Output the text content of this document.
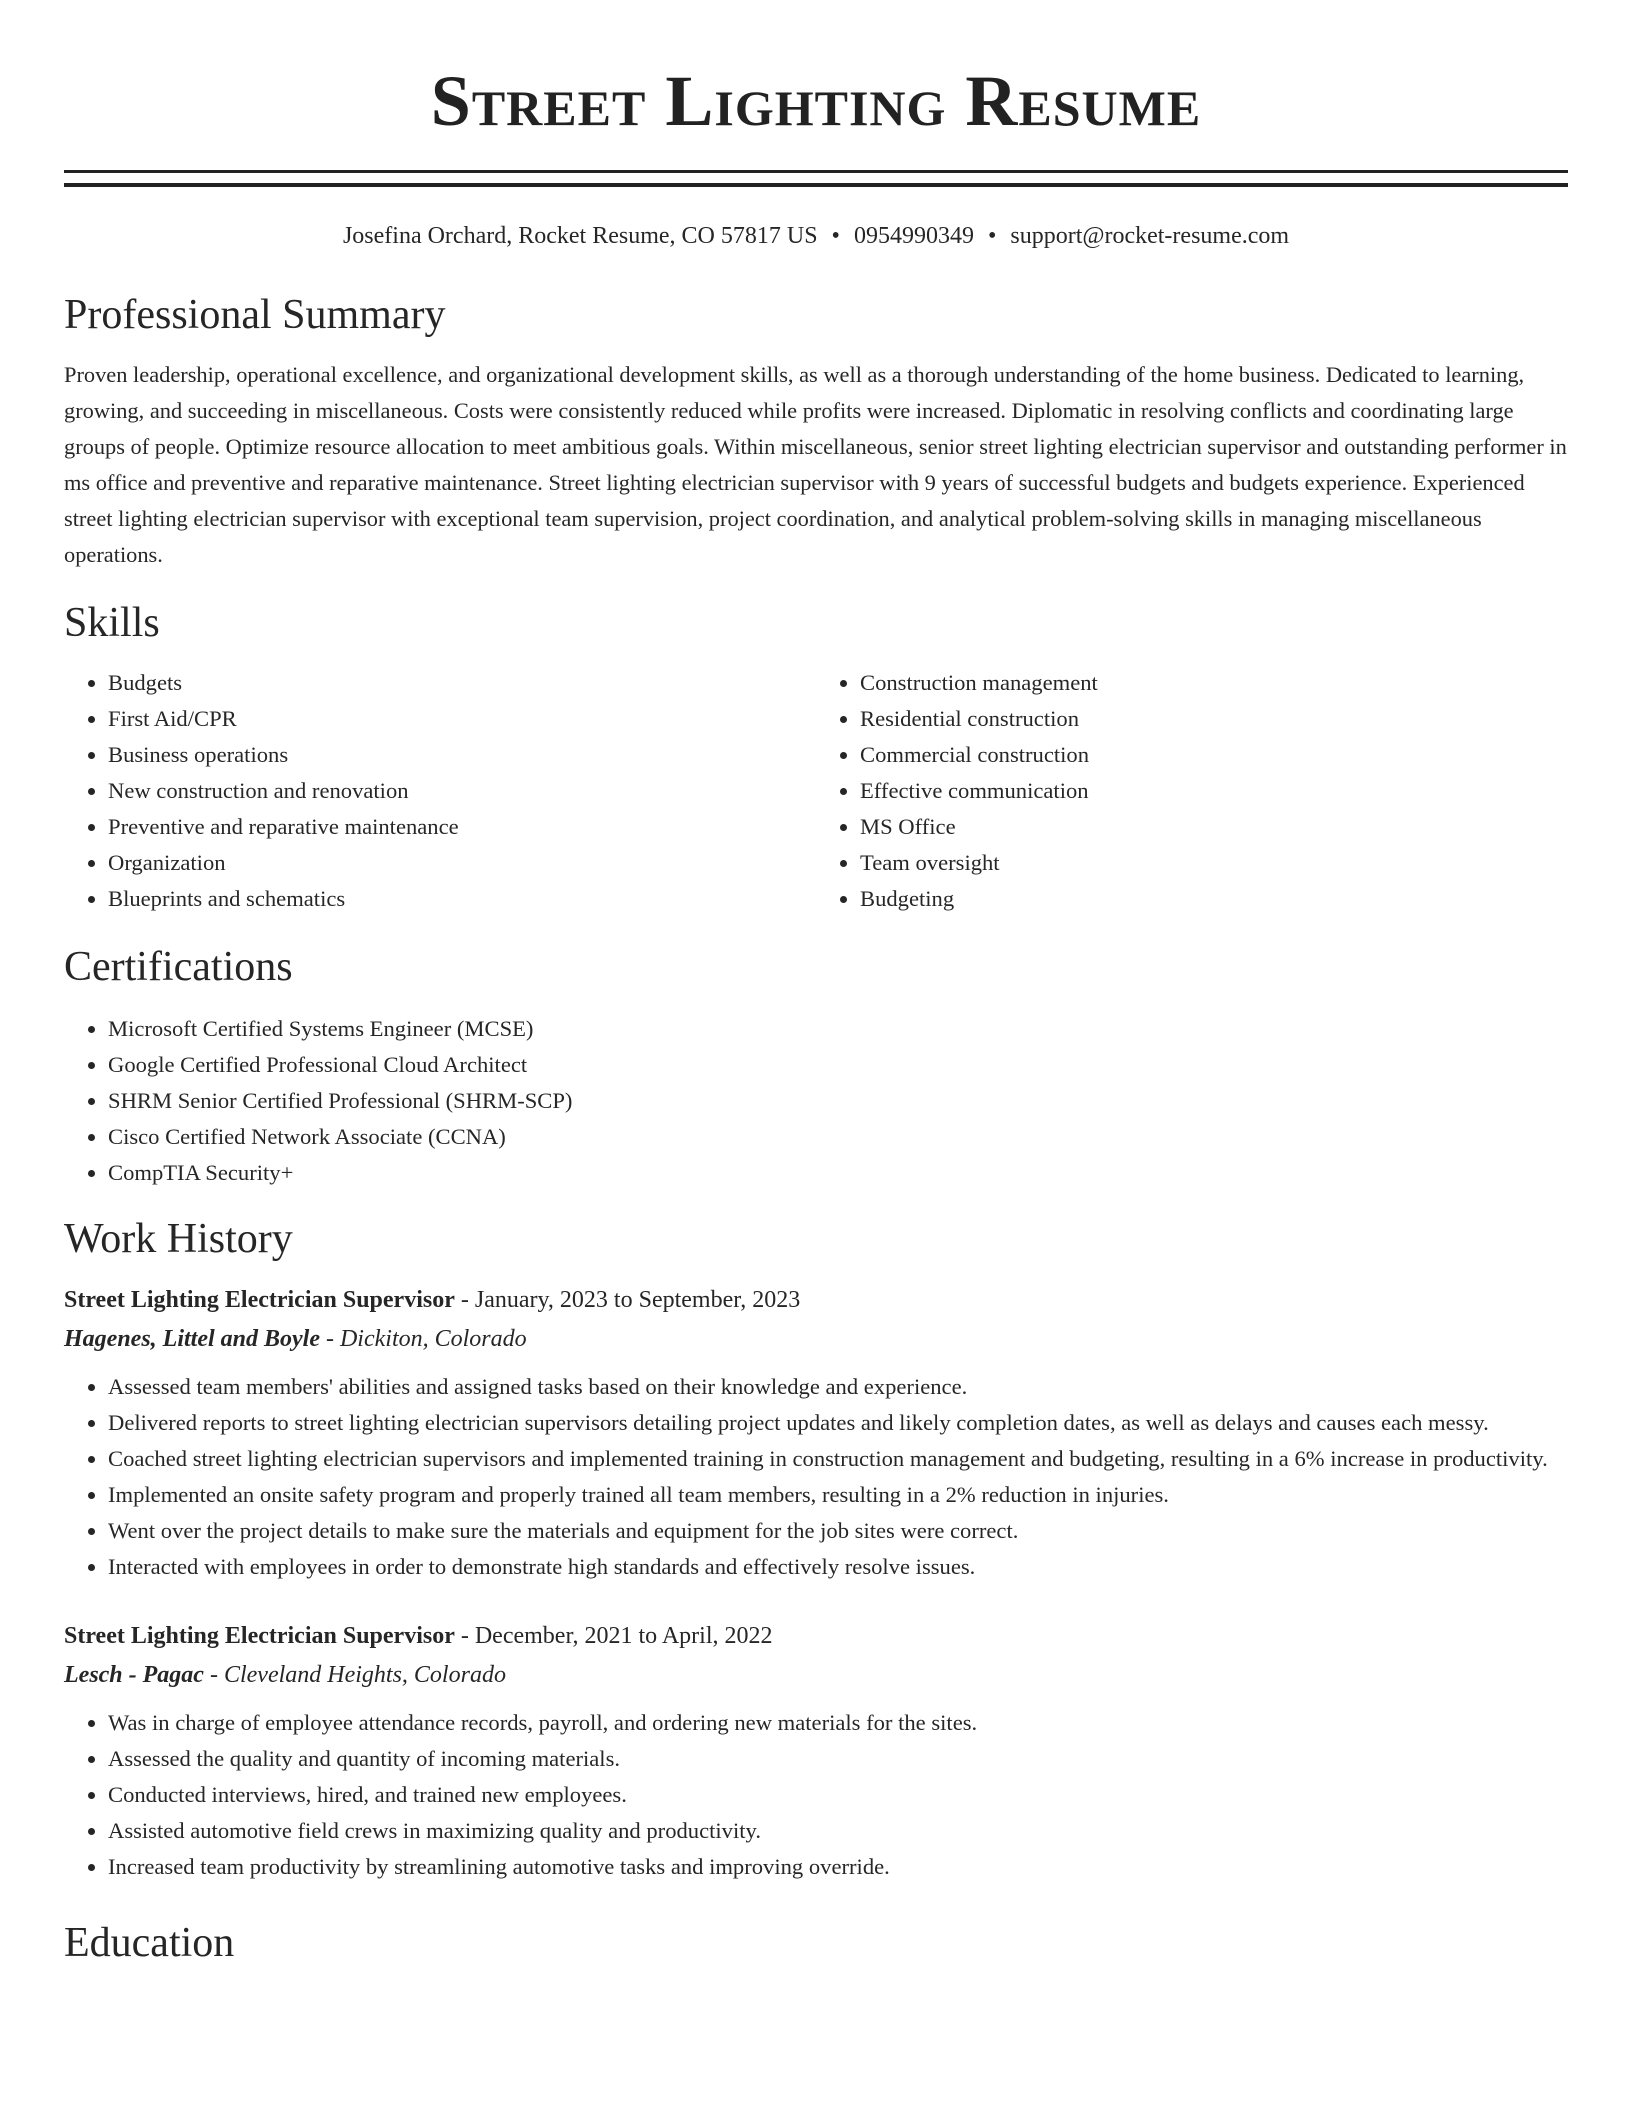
Street Lighting Resume
Josefina Orchard, Rocket Resume, CO 57817 US • 0954990349 • support@rocket-resume.com
Professional Summary

Proven leadership, operational excellence, and organizational development skills, as well as a thorough understanding of the home business. Dedicated to learning, growing, and succeeding in miscellaneous. Costs were consistently reduced while profits were increased. Diplomatic in resolving conflicts and coordinating large groups of people. Optimize resource allocation to meet ambitious goals. Within miscellaneous, senior street lighting electrician supervisor and outstanding performer in ms office and preventive and reparative maintenance. Street lighting electrician supervisor with 9 years of successful budgets and budgets experience. Experienced street lighting electrician supervisor with exceptional team supervision, project coordination, and analytical problem-solving skills in managing miscellaneous operations.

Skills
• Budgets
• First Aid/CPR
• Business operations
• New construction and renovation
• Preventive and reparative maintenance
• Organization
• Blueprints and schematics
• Construction management
• Residential construction
• Commercial construction
• Effective communication
• MS Office
• Team oversight
• Budgeting
Certifications
• Microsoft Certified Systems Engineer (MCSE)
• Google Certified Professional Cloud Architect
• SHRM Senior Certified Professional (SHRM-SCP)
• Cisco Certified Network Associate (CCNA)
• CompTIA Security+
Work History
Street Lighting Electrician Supervisor - January, 2023 to September, 2023
Hagenes, Littel and Boyle - Dickiton, Colorado
• Assessed team members' abilities and assigned tasks based on their knowledge and experience.
• Delivered reports to street lighting electrician supervisors detailing project updates and likely completion dates, as well as delays and causes each messy.
• Coached street lighting electrician supervisors and implemented training in construction management and budgeting, resulting in a 6% increase in productivity.
• Implemented an onsite safety program and properly trained all team members, resulting in a 2% reduction in injuries.
• Went over the project details to make sure the materials and equipment for the job sites were correct.
• Interacted with employees in order to demonstrate high standards and effectively resolve issues.
Street Lighting Electrician Supervisor - December, 2021 to April, 2022
Lesch - Pagac - Cleveland Heights, Colorado
• Was in charge of employee attendance records, payroll, and ordering new materials for the sites.
• Assessed the quality and quantity of incoming materials.
• Conducted interviews, hired, and trained new employees.
• Assisted automotive field crews in maximizing quality and productivity.
• Increased team productivity by streamlining automotive tasks and improving override.
Education
